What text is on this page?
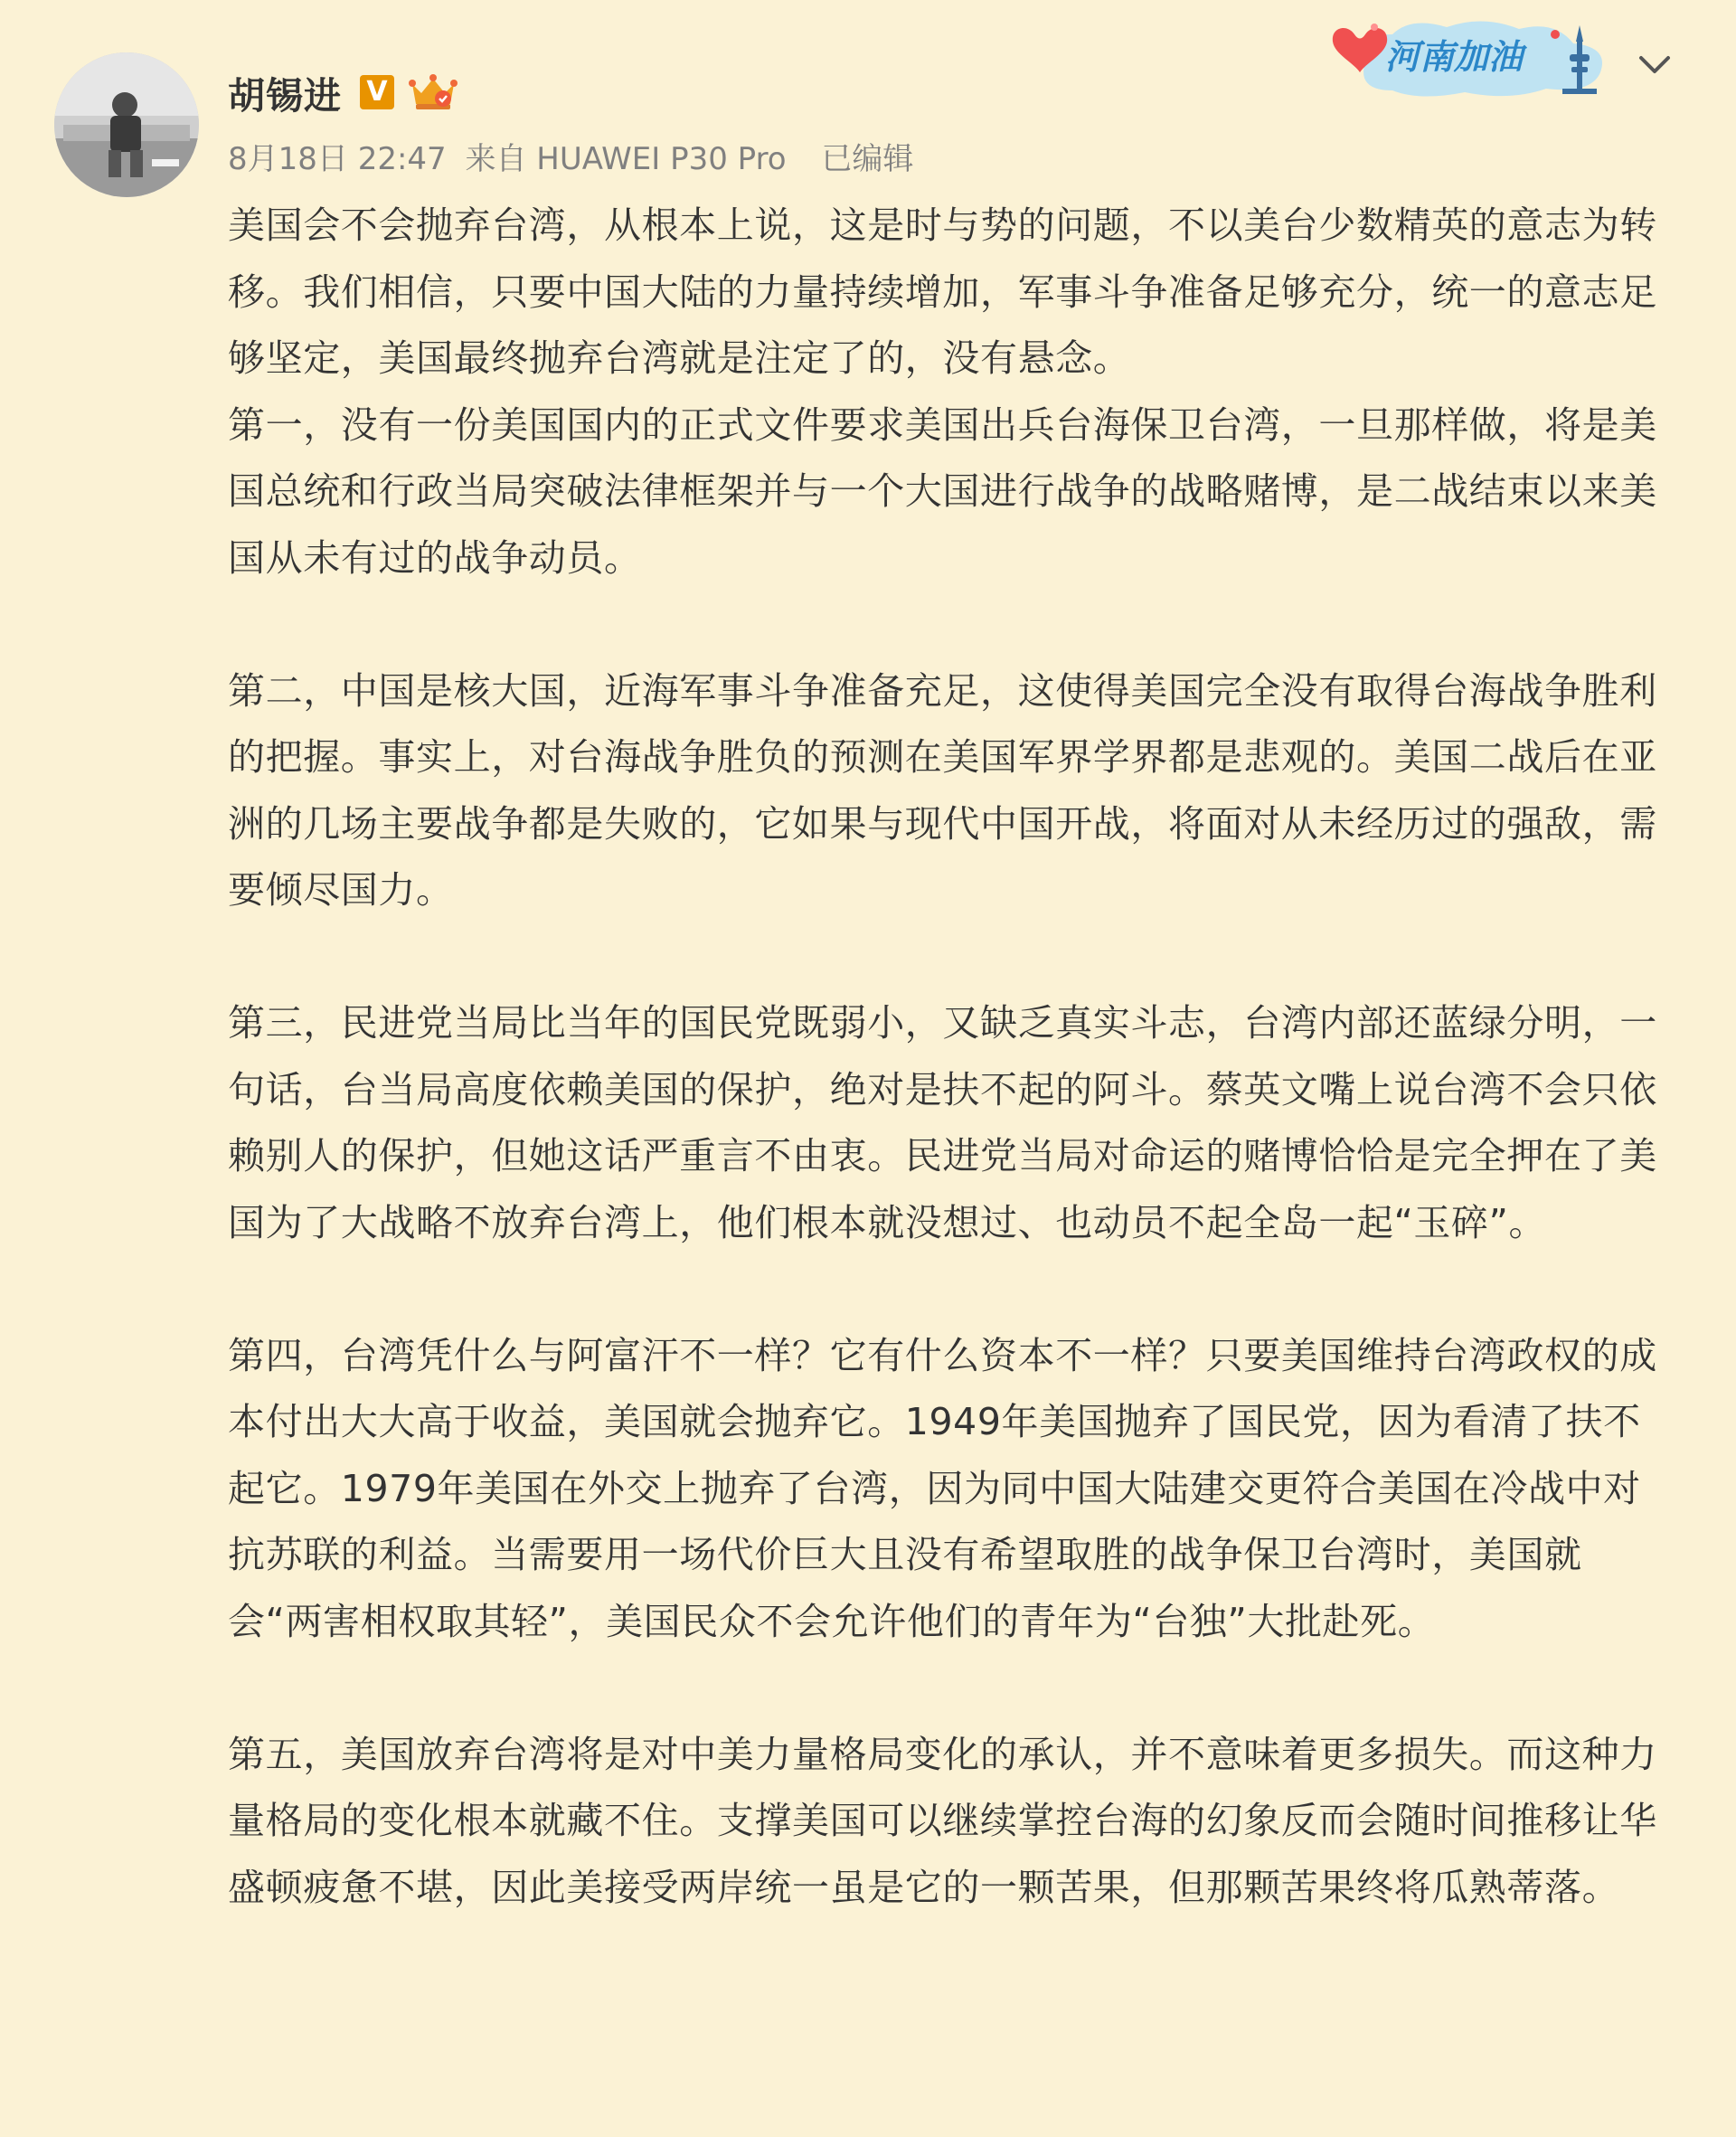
胡锡进 V
8月18日 22:47 来自 HUAWEI P30 Pro 已编辑
河南加油

美国会不会抛弃台湾，从根本上说，这是时与势的问题，不以美台少数精英的意志为转移。我们相信，只要中国大陆的力量持续增加，军事斗争准备足够充分，统一的意志足够坚定，美国最终抛弃台湾就是注定了的，没有悬念。

第一，没有一份美国国内的正式文件要求美国出兵台海保卫台湾，一旦那样做，将是美国总统和行政当局突破法律框架并与一个大国进行战争的战略赌博，是二战结束以来美国从未有过的战争动员。

第二，中国是核大国，近海军事斗争准备充足，这使得美国完全没有取得台海战争胜利的把握。事实上，对台海战争胜负的预测在美国军界学界都是悲观的。美国二战后在亚洲的几场主要战争都是失败的，它如果与现代中国开战，将面对从未经历过的强敌，需要倾尽国力。

第三，民进党当局比当年的国民党既弱小，又缺乏真实斗志，台湾内部还蓝绿分明，一句话，台当局高度依赖美国的保护，绝对是扶不起的阿斗。蔡英文嘴上说台湾不会只依赖别人的保护，但她这话严重言不由衷。民进党当局对命运的赌博恰恰是完全押在了美国为了大战略不放弃台湾上，他们根本就没想过、也动员不起全岛一起“玉碎”。

第四，台湾凭什么与阿富汗不一样？它有什么资本不一样？只要美国维持台湾政权的成本付出大大高于收益，美国就会抛弃它。1949年美国抛弃了国民党，因为看清了扶不起它。1979年美国在外交上抛弃了台湾，因为同中国大陆建交更符合美国在冷战中对抗苏联的利益。当需要用一场代价巨大且没有希望取胜的战争保卫台湾时，美国就会“两害相权取其轻”，美国民众不会允许他们的青年为“台独”大批赴死。

第五，美国放弃台湾将是对中美力量格局变化的承认，并不意味着更多损失。而这种力量格局的变化根本就藏不住。支撑美国可以继续掌控台海的幻象反而会随时间推移让华盛顿疲惫不堪，因此美接受两岸统一虽是它的一颗苦果，但那颗苦果终将瓜熟蒂落。
